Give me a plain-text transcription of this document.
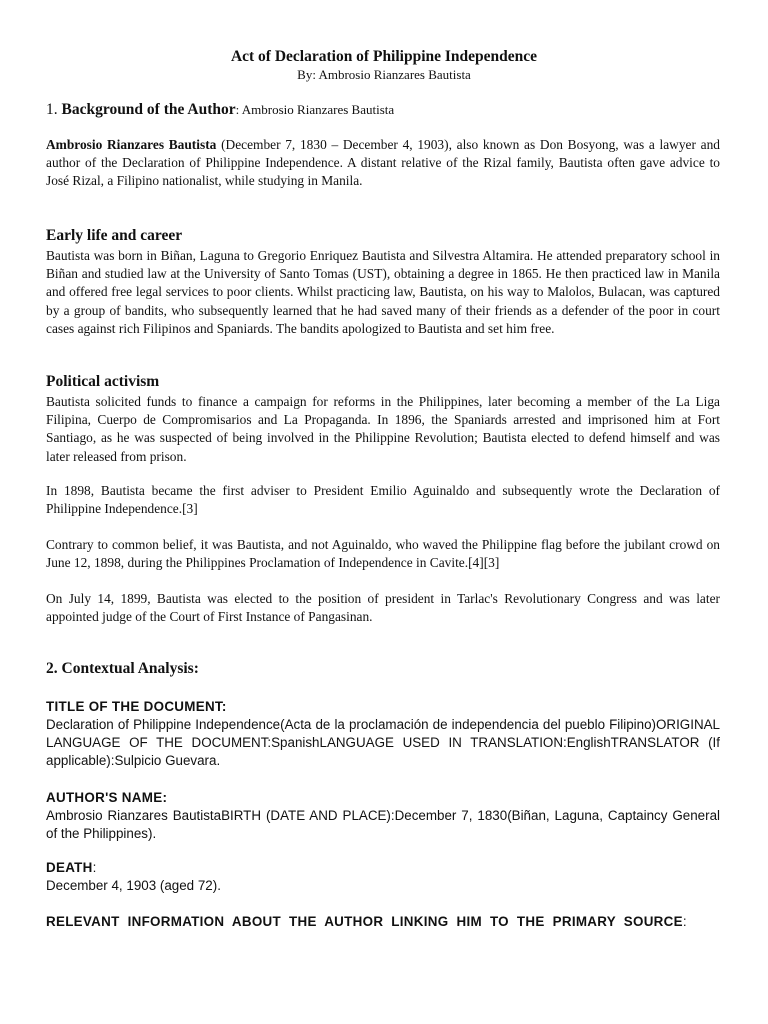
Act of Declaration of Philippine Independence
By: Ambrosio Rianzares Bautista
1. Background of the Author: Ambrosio Rianzares Bautista
Ambrosio Rianzares Bautista (December 7, 1830 – December 4, 1903), also known as Don Bosyong, was a lawyer and author of the Declaration of Philippine Independence. A distant relative of the Rizal family, Bautista often gave advice to José Rizal, a Filipino nationalist, while studying in Manila.
Early life and career
Bautista was born in Biñan, Laguna to Gregorio Enriquez Bautista and Silvestra Altamira. He attended preparatory school in Biñan and studied law at the University of Santo Tomas (UST), obtaining a degree in 1865. He then practiced law in Manila and offered free legal services to poor clients. Whilst practicing law, Bautista, on his way to Malolos, Bulacan, was captured by a group of bandits, who subsequently learned that he had saved many of their friends as a defender of the poor in court cases against rich Filipinos and Spaniards. The bandits apologized to Bautista and set him free.
Political activism
Bautista solicited funds to finance a campaign for reforms in the Philippines, later becoming a member of the La Liga Filipina, Cuerpo de Compromisarios and La Propaganda. In 1896, the Spaniards arrested and imprisoned him at Fort Santiago, as he was suspected of being involved in the Philippine Revolution; Bautista elected to defend himself and was later released from prison.
In 1898, Bautista became the first adviser to President Emilio Aguinaldo and subsequently wrote the Declaration of Philippine Independence.[3]
Contrary to common belief, it was Bautista, and not Aguinaldo, who waved the Philippine flag before the jubilant crowd on June 12, 1898, during the Philippines Proclamation of Independence in Cavite.[4][3]
On July 14, 1899, Bautista was elected to the position of president in Tarlac's Revolutionary Congress and was later appointed judge of the Court of First Instance of Pangasinan.
2. Contextual Analysis:
TITLE OF THE DOCUMENT:
Declaration of Philippine Independence(Acta de la proclamación de independencia del pueblo Filipino)ORIGINAL LANGUAGE OF THE DOCUMENT:SpanishLANGUAGE USED IN TRANSLATION:EnglishTRANSLATOR (If applicable):Sulpicio Guevara.
AUTHOR'S NAME:
Ambrosio Rianzares BautistaBIRTH (DATE AND PLACE):December 7, 1830(Biñan, Laguna, Captaincy General of the Philippines).
DEATH:
December 4, 1903 (aged 72).
RELEVANT INFORMATION ABOUT THE AUTHOR LINKING HIM TO THE PRIMARY SOURCE:
